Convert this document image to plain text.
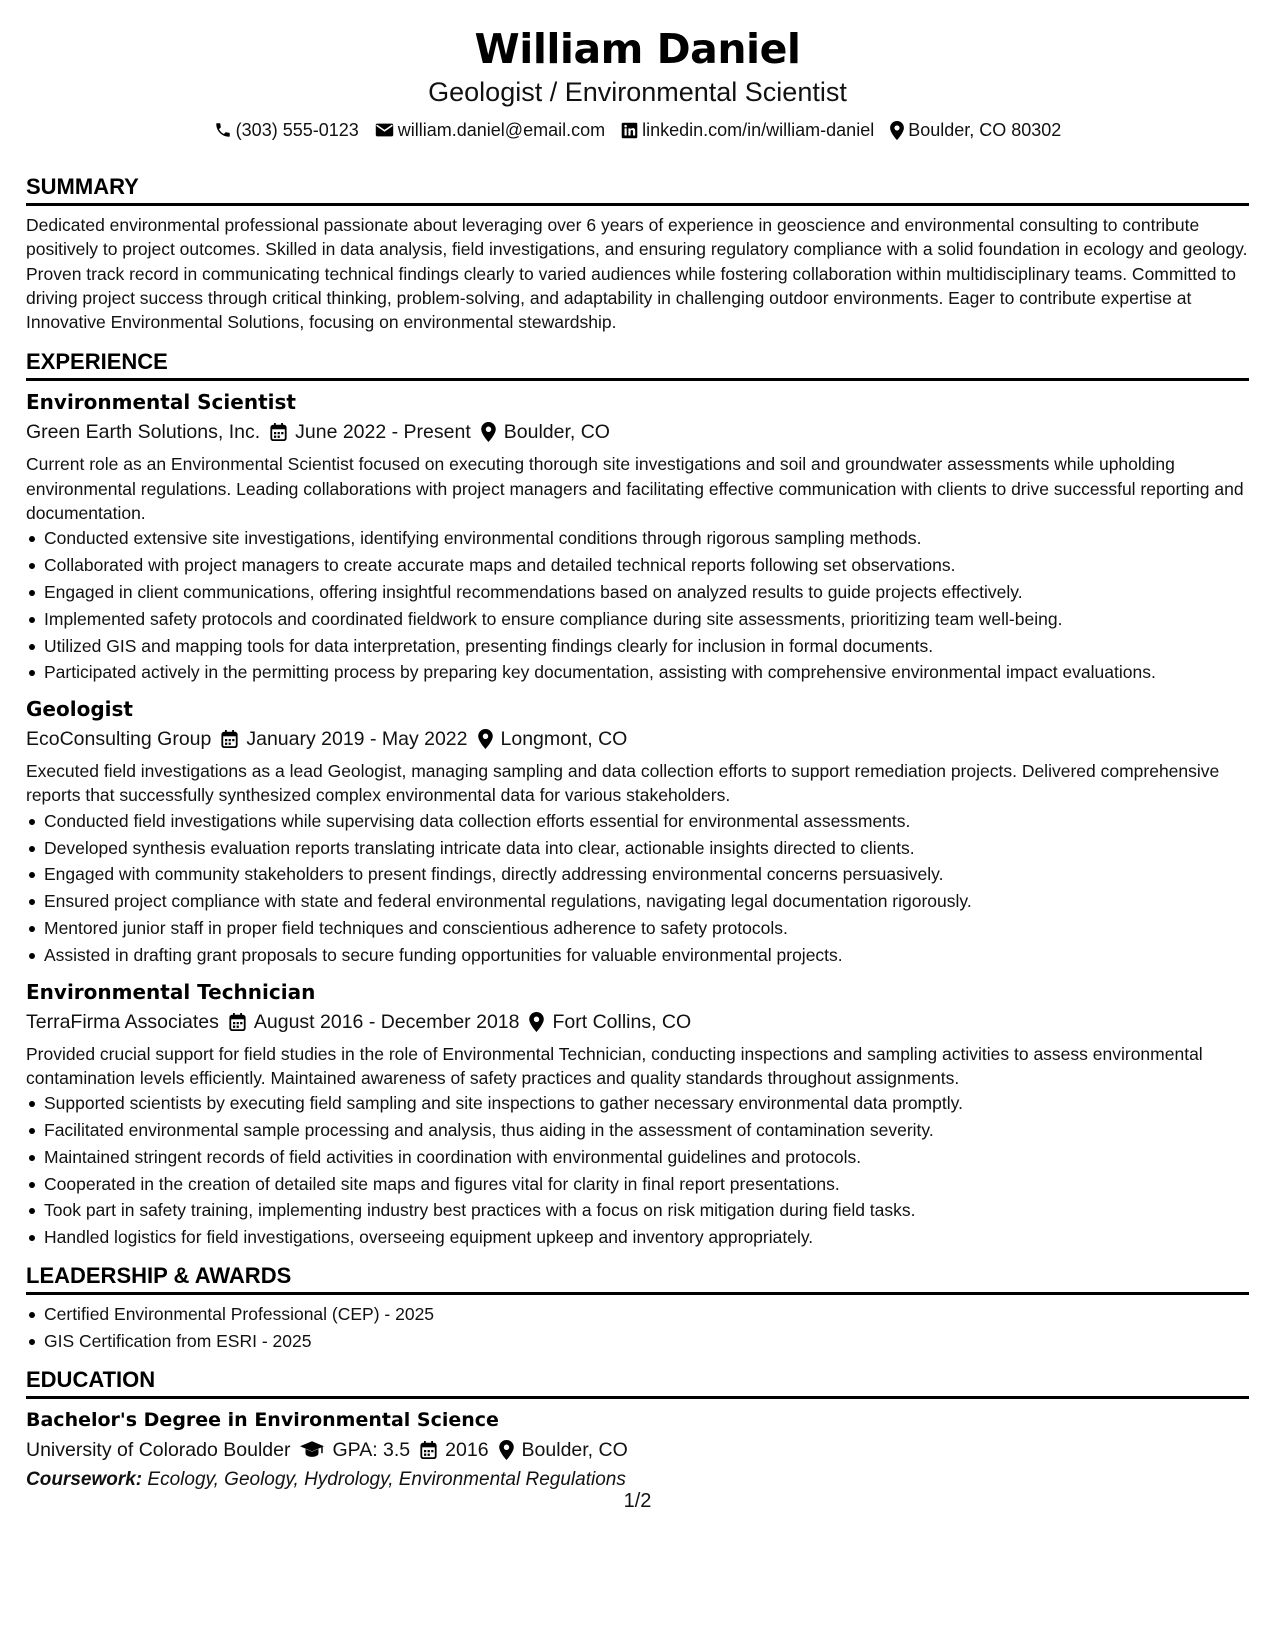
William Daniel
Geologist / Environmental Scientist
(303) 555-0123 william.daniel@email.com linkedin.com/in/william-daniel Boulder, CO 80302
SUMMARY
Dedicated environmental professional passionate about leveraging over 6 years of experience in geoscience and environmental consulting to contribute positively to project outcomes. Skilled in data analysis, field investigations, and ensuring regulatory compliance with a solid foundation in ecology and geology. Proven track record in communicating technical findings clearly to varied audiences while fostering collaboration within multidisciplinary teams. Committed to driving project success through critical thinking, problem-solving, and adaptability in challenging outdoor environments. Eager to contribute expertise at Innovative Environmental Solutions, focusing on environmental stewardship.
EXPERIENCE
Environmental Scientist
Green Earth Solutions, Inc. June 2022 - Present Boulder, CO
Current role as an Environmental Scientist focused on executing thorough site investigations and soil and groundwater assessments while upholding environmental regulations. Leading collaborations with project managers and facilitating effective communication with clients to drive successful reporting and documentation.
Conducted extensive site investigations, identifying environmental conditions through rigorous sampling methods.
Collaborated with project managers to create accurate maps and detailed technical reports following set observations.
Engaged in client communications, offering insightful recommendations based on analyzed results to guide projects effectively.
Implemented safety protocols and coordinated fieldwork to ensure compliance during site assessments, prioritizing team well-being.
Utilized GIS and mapping tools for data interpretation, presenting findings clearly for inclusion in formal documents.
Participated actively in the permitting process by preparing key documentation, assisting with comprehensive environmental impact evaluations.
Geologist
EcoConsulting Group January 2019 - May 2022 Longmont, CO
Executed field investigations as a lead Geologist, managing sampling and data collection efforts to support remediation projects. Delivered comprehensive reports that successfully synthesized complex environmental data for various stakeholders.
Conducted field investigations while supervising data collection efforts essential for environmental assessments.
Developed synthesis evaluation reports translating intricate data into clear, actionable insights directed to clients.
Engaged with community stakeholders to present findings, directly addressing environmental concerns persuasively.
Ensured project compliance with state and federal environmental regulations, navigating legal documentation rigorously.
Mentored junior staff in proper field techniques and conscientious adherence to safety protocols.
Assisted in drafting grant proposals to secure funding opportunities for valuable environmental projects.
Environmental Technician
TerraFirma Associates August 2016 - December 2018 Fort Collins, CO
Provided crucial support for field studies in the role of Environmental Technician, conducting inspections and sampling activities to assess environmental contamination levels efficiently. Maintained awareness of safety practices and quality standards throughout assignments.
Supported scientists by executing field sampling and site inspections to gather necessary environmental data promptly.
Facilitated environmental sample processing and analysis, thus aiding in the assessment of contamination severity.
Maintained stringent records of field activities in coordination with environmental guidelines and protocols.
Cooperated in the creation of detailed site maps and figures vital for clarity in final report presentations.
Took part in safety training, implementing industry best practices with a focus on risk mitigation during field tasks.
Handled logistics for field investigations, overseeing equipment upkeep and inventory appropriately.
LEADERSHIP & AWARDS
Certified Environmental Professional (CEP) - 2025
GIS Certification from ESRI - 2025
EDUCATION
Bachelor's Degree in Environmental Science
University of Colorado Boulder GPA: 3.5 2016 Boulder, CO
Coursework: Ecology, Geology, Hydrology, Environmental Regulations
1/2
